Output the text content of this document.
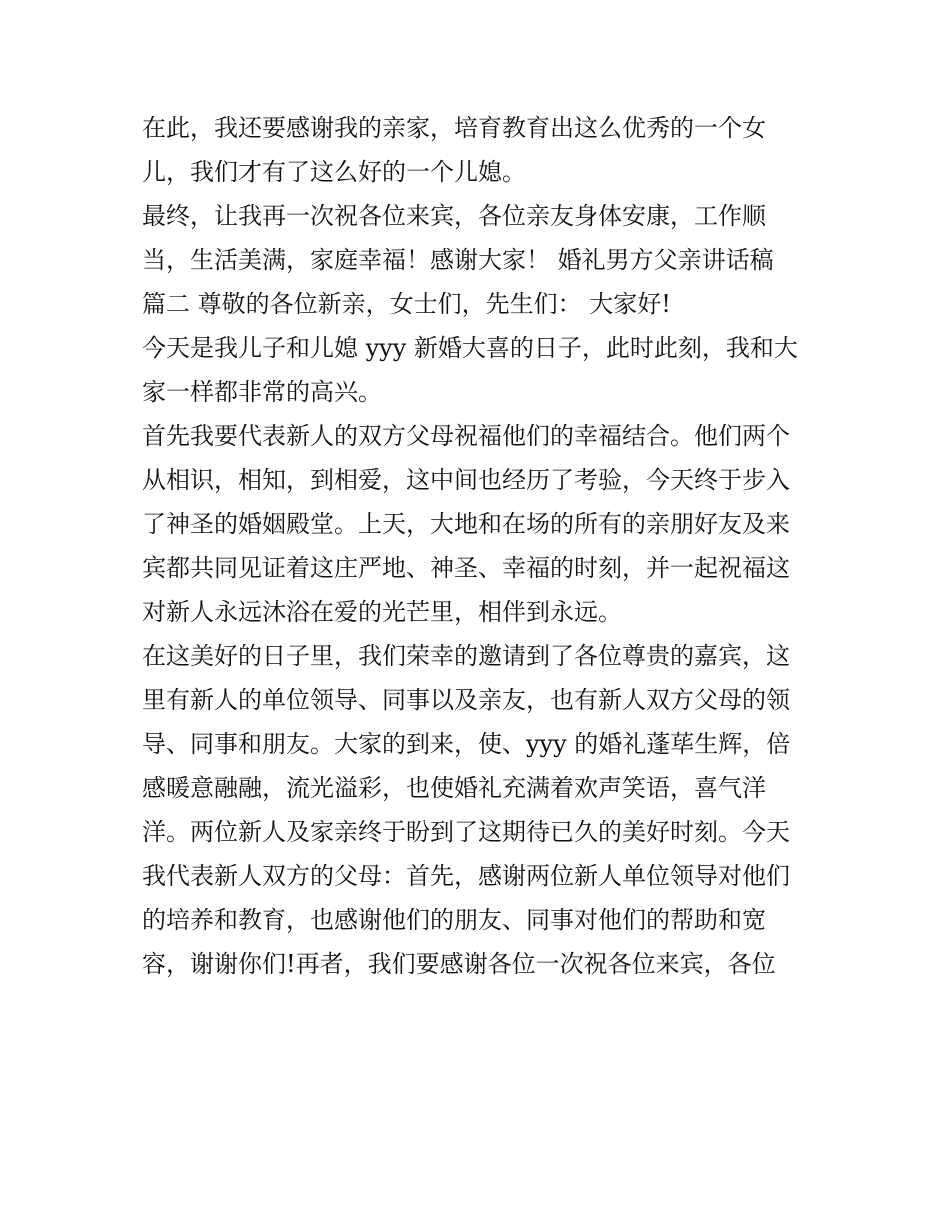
在此，我还要感谢我的亲家，培育教育出这么优秀的一个女
儿，我们才有了这么好的一个儿媳。
最终，让我再一次祝各位来宾，各位亲友身体安康，工作顺
当，生活美满，家庭幸福！感谢大家！ 婚礼男方父亲讲话稿
篇二 尊敬的各位新亲，女士们，先生们： 大家好!
今天是我儿子和儿媳 yyy 新婚大喜的日子，此时此刻，我和大
家一样都非常的高兴。
首先我要代表新人的双方父母祝福他们的幸福结合。他们两个
从相识，相知，到相爱，这中间也经历了考验，今天终于步入
了神圣的婚姻殿堂。上天，大地和在场的所有的亲朋好友及来
宾都共同见证着这庄严地、神圣、幸福的时刻，并一起祝福这
对新人永远沐浴在爱的光芒里，相伴到永远。
在这美好的日子里，我们荣幸的邀请到了各位尊贵的嘉宾，这
里有新人的单位领导、同事以及亲友，也有新人双方父母的领
导、同事和朋友。大家的到来，使、yyy 的婚礼蓬荜生辉，倍
感暖意融融，流光溢彩，也使婚礼充满着欢声笑语，喜气洋
洋。两位新人及家亲终于盼到了这期待已久的美好时刻。今天
我代表新人双方的父母：首先，感谢两位新人单位领导对他们
的培养和教育，也感谢他们的朋友、同事对他们的帮助和宽
容，谢谢你们!再者，我们要感谢各位一次祝各位来宾，各位
